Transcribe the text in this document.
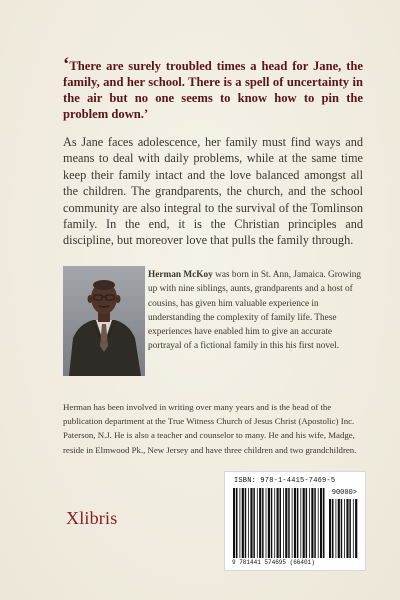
‘There are surely troubled times a head for Jane, the family, and her school. There is a spell of uncertainty in the air but no one seems to know how to pin the problem down.’
As Jane faces adolescence, her family must find ways and means to deal with daily problems, while at the same time keep their family intact and the love balanced amongst all the children. The grandparents, the church, and the school community are also integral to the survival of the Tomlinson family. In the end, it is the Christian principles and discipline, but moreover love that pulls the family through.
Herman McKoy was born in St. Ann, Jamaica. Growing up with nine siblings, aunts, grandparents and a host of cousins, has given him valuable experience in understanding the complexity of family life. These experiences have enabled him to give an accurate portrayal of a fictional family in this his first novel.
Herman has been involved in writing over many years and is the head of the publication department at the True Witness Church of Jesus Christ (Apostolic) Inc. Paterson, N.J. He is also a teacher and counselor to many. He and his wife, Madge, reside in Elmwood Pk., New Jersey and have three children and two grandchildren.
Xlibris
ISBN: 978-1-4415-7469-5
90000>
9 781441 574695 (66401)
